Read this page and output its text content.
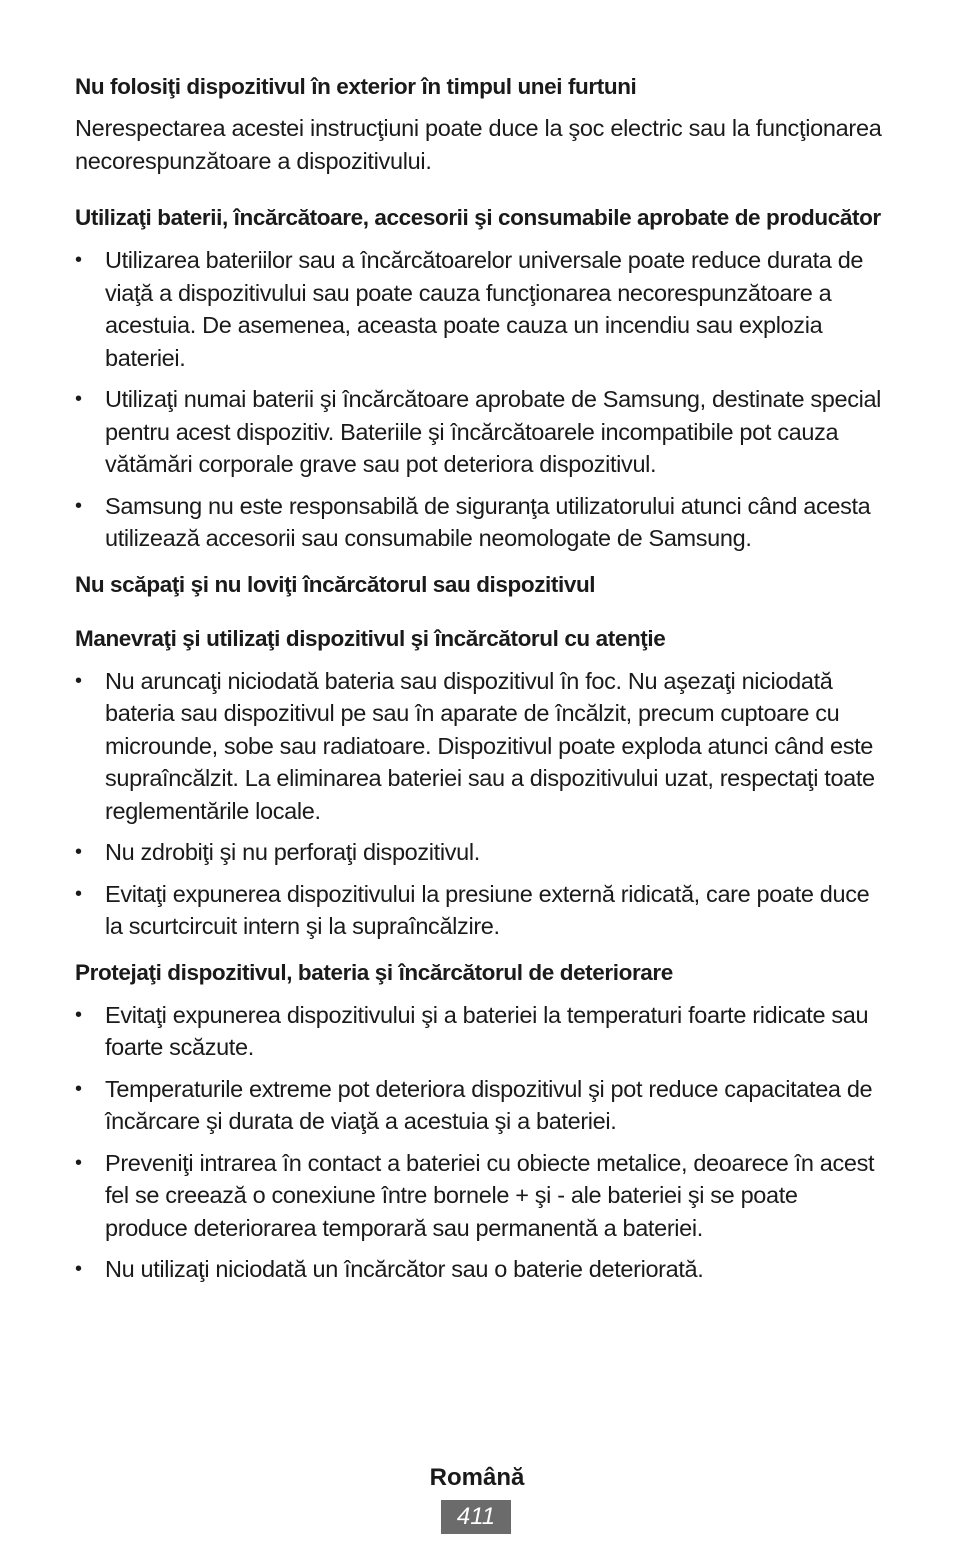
Nu folosiţi dispozitivul în exterior în timpul unei furtuni

Nerespectarea acestei instrucţiuni poate duce la şoc electric sau la funcţionarea necorespunzătoare a dispozitivului.

Utilizaţi baterii, încărcătoare, accesorii şi consumabile aprobate de producător
• Utilizarea bateriilor sau a încărcătoarelor universale poate reduce durata de viaţă a dispozitivului sau poate cauza funcţionarea necorespunzătoare a acestuia. De asemenea, aceasta poate cauza un incendiu sau explozia bateriei.
• Utilizaţi numai baterii şi încărcătoare aprobate de Samsung, destinate special pentru acest dispozitiv. Bateriile şi încărcătoarele incompatibile pot cauza vătămări corporale grave sau pot deteriora dispozitivul.
• Samsung nu este responsabilă de siguranţa utilizatorului atunci când acesta utilizează accesorii sau consumabile neomologate de Samsung.
Nu scăpaţi şi nu loviţi încărcătorul sau dispozitivul
Manevraţi şi utilizaţi dispozitivul şi încărcătorul cu atenţie
• Nu aruncaţi niciodată bateria sau dispozitivul în foc. Nu aşezaţi niciodată bateria sau dispozitivul pe sau în aparate de încălzit, precum cuptoare cu microunde, sobe sau radiatoare. Dispozitivul poate exploda atunci când este supraîncălzit. La eliminarea bateriei sau a dispozitivului uzat, respectaţi toate reglementările locale.
• Nu zdrobiţi şi nu perforaţi dispozitivul.
• Evitaţi expunerea dispozitivului la presiune externă ridicată, care poate duce la scurtcircuit intern şi la supraîncălzire.
Protejaţi dispozitivul, bateria şi încărcătorul de deteriorare
• Evitaţi expunerea dispozitivului şi a bateriei la temperaturi foarte ridicate sau foarte scăzute.
• Temperaturile extreme pot deteriora dispozitivul şi pot reduce capacitatea de încărcare şi durata de viaţă a acestuia şi a bateriei.
• Preveniţi intrarea în contact a bateriei cu obiecte metalice, deoarece în acest fel se creează o conexiune între bornele + şi - ale bateriei şi se poate produce deteriorarea temporară sau permanentă a bateriei.
• Nu utilizaţi niciodată un încărcător sau o baterie deteriorată.
Română
411
